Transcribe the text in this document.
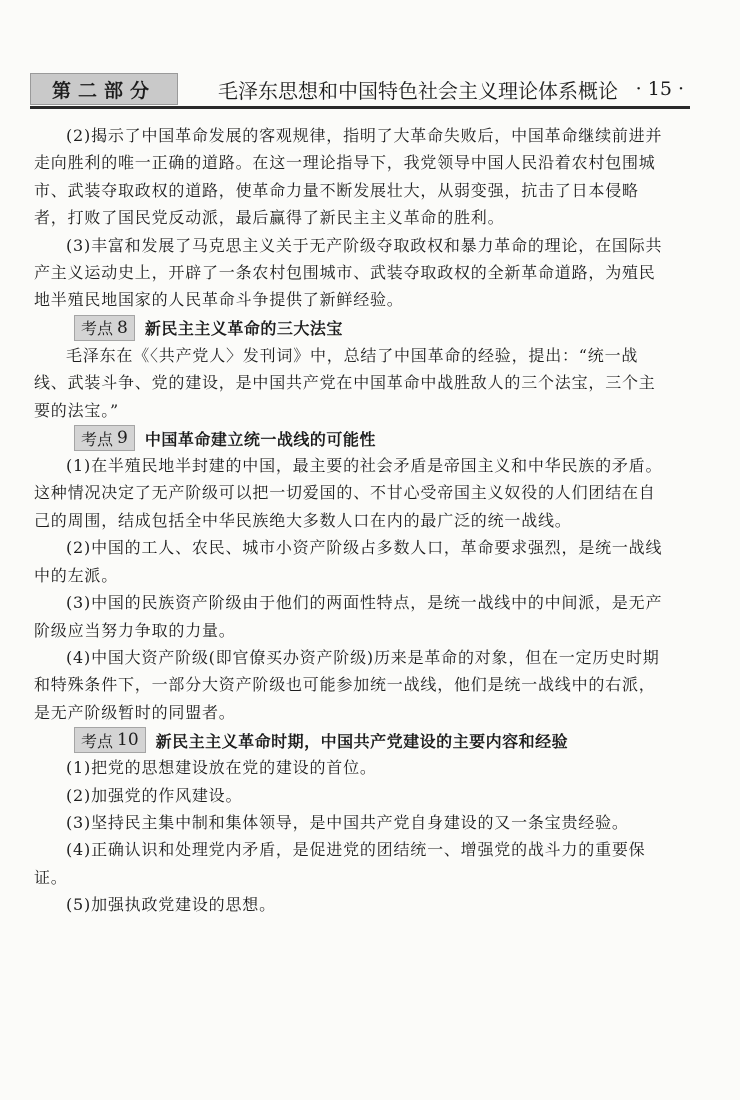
第二部分	毛泽东思想和中国特色社会主义理论体系概论 · 15 ·

(2)揭示了中国革命发展的客观规律，指明了大革命失败后，中国革命继续前进并走向胜利的唯一正确的道路。在这一理论指导下，我党领导中国人民沿着农村包围城市、武装夺取政权的道路，使革命力量不断发展壮大，从弱变强，抗击了日本侵略者，打败了国民党反动派，最后赢得了新民主主义革命的胜利。

(3)丰富和发展了马克思主义关于无产阶级夺取政权和暴力革命的理论，在国际共产主义运动史上，开辟了一条农村包围城市、武装夺取政权的全新革命道路，为殖民地半殖民地国家的人民革命斗争提供了新鲜经验。

考点 8 新民主主义革命的三大法宝

毛泽东在《〈共产党人〉发刊词》中，总结了中国革命的经验，提出：“统一战线、武装斗争、党的建设，是中国共产党在中国革命中战胜敌人的三个法宝，三个主要的法宝。”

考点 9 中国革命建立统一战线的可能性

(1)在半殖民地半封建的中国，最主要的社会矛盾是帝国主义和中华民族的矛盾。这种情况决定了无产阶级可以把一切爱国的、不甘心受帝国主义奴役的人们团结在自己的周围，结成包括全中华民族绝大多数人口在内的最广泛的统一战线。

(2)中国的工人、农民、城市小资产阶级占多数人口，革命要求强烈，是统一战线中的左派。

(3)中国的民族资产阶级由于他们的两面性特点，是统一战线中的中间派，是无产阶级应当努力争取的力量。

(4)中国大资产阶级(即官僚买办资产阶级)历来是革命的对象，但在一定历史时期和特殊条件下，一部分大资产阶级也可能参加统一战线，他们是统一战线中的右派，是无产阶级暂时的同盟者。

考点 10 新民主主义革命时期，中国共产党建设的主要内容和经验

(1)把党的思想建设放在党的建设的首位。

(2)加强党的作风建设。

(3)坚持民主集中制和集体领导，是中国共产党自身建设的又一条宝贵经验。

(4)正确认识和处理党内矛盾，是促进党的团结统一、增强党的战斗力的重要保证。

(5)加强执政党建设的思想。
